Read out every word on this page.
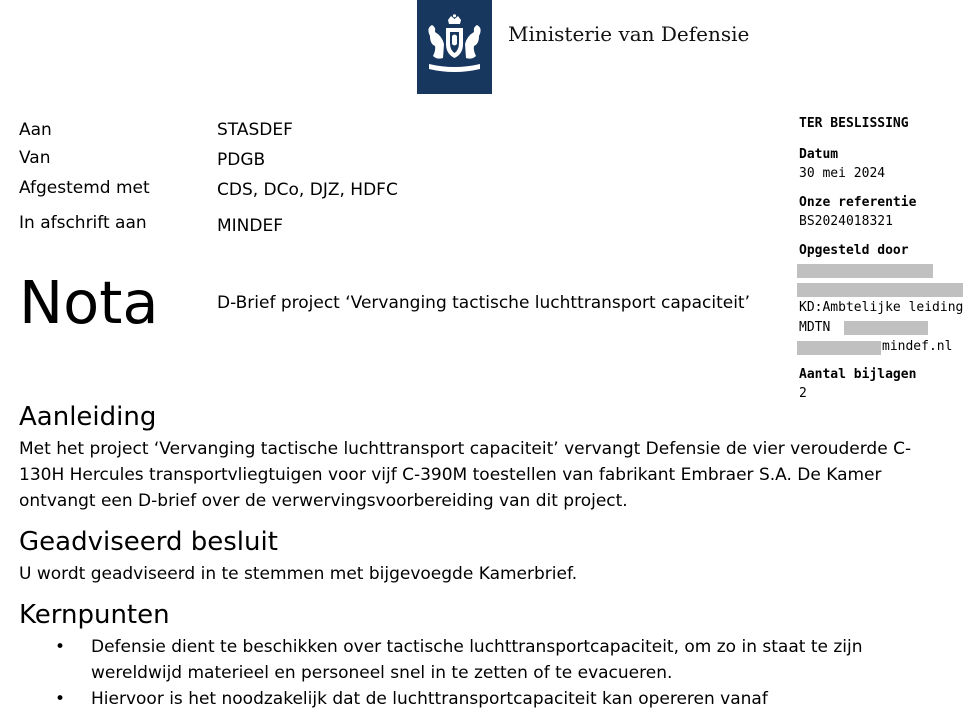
Ministerie van Defensie
Aan	STASDEF
Van	PDGB
Afgestemd met	CDS, DCo, DJZ, HDFC
In afschrift aan	MINDEF
TER BESLISSING
Datum
30 mei 2024
Onze referentie
BS2024018321
Opgesteld door
KD:Ambtelijke leiding
MDTN
mindef.nl
Aantal bijlagen
2
Nota	D-Brief project ‘Vervanging tactische luchttransport capaciteit’
Aanleiding

Met het project ‘Vervanging tactische luchttransport capaciteit’ vervangt Defensie de vier verouderde C-130H Hercules transportvliegtuigen voor vijf C-390M toestellen van fabrikant Embraer S.A. De Kamer ontvangt een D-brief over de verwervingsvoorbereiding van dit project.

Geadviseerd besluit

U wordt geadviseerd in te stemmen met bijgevoegde Kamerbrief.

Kernpunten
• Defensie dient te beschikken over tactische luchttransportcapaciteit, om zo in staat te zijn wereldwijd materieel en personeel snel in te zetten of te evacueren.
• Hiervoor is het noodzakelijk dat de luchttransportcapaciteit kan opereren vanaf
